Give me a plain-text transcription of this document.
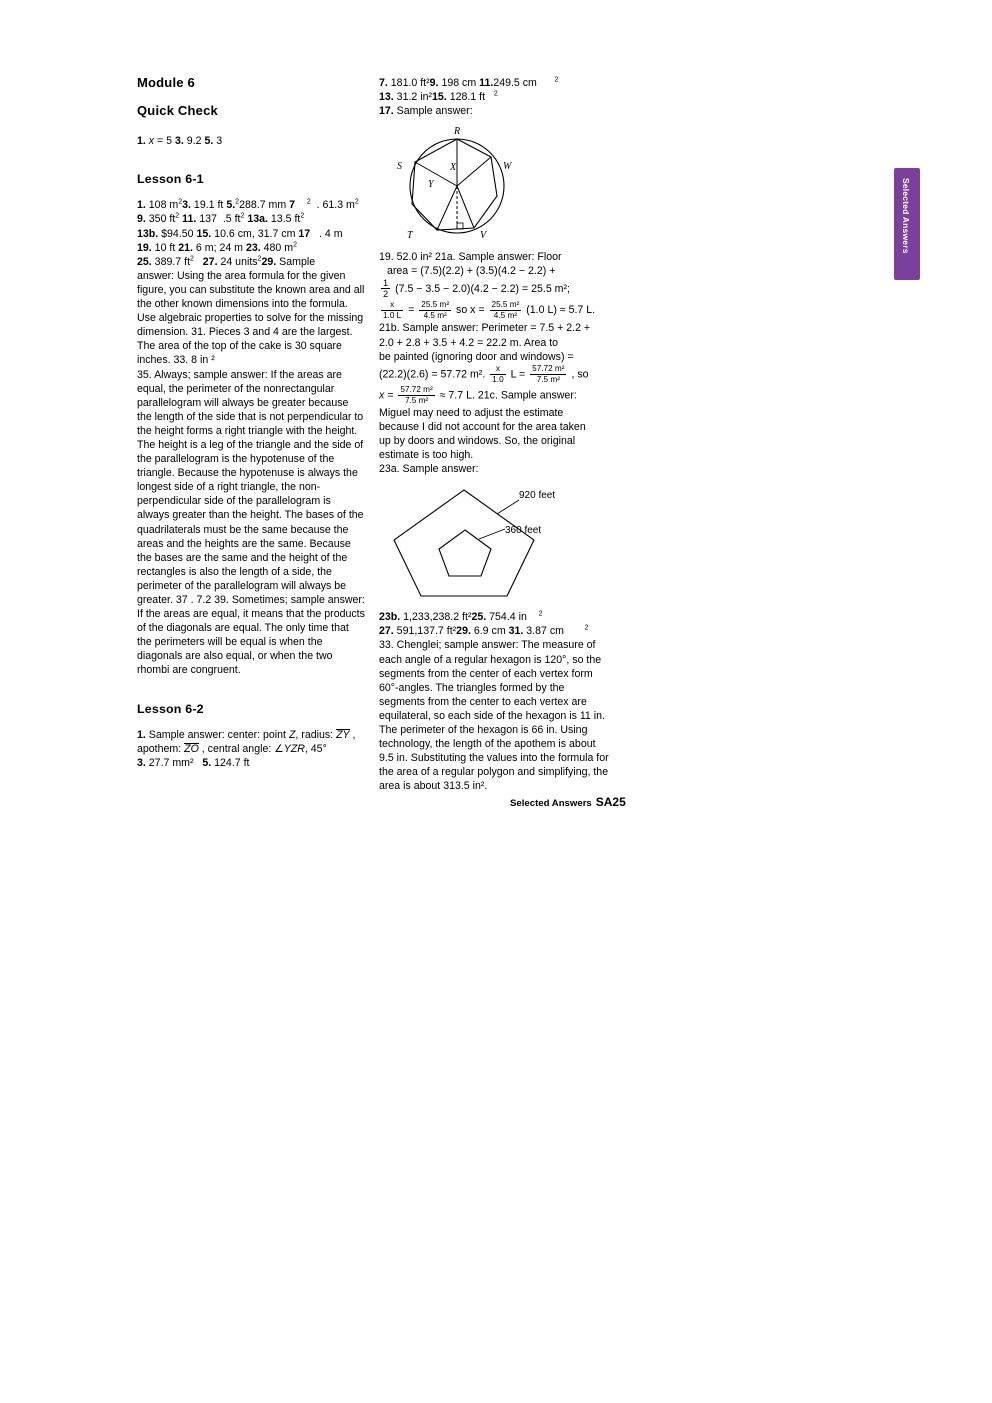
Selected Answers
Module 6
Quick Check
1. x = 5 3. 9.2 5. 3
Lesson 6-1
1. 108 $m^23$. 19.1 ft 5.$^2$288.7 mm 7 $^2$  . 61.3 $m^2$
9. 350 $ft^2$ 11. 137  .5 $ft^2$ 13a. 13.5 $ft^2$
13b. $94.50 15. 10.6 cm, 31.7 cm 17   . 4 m
19. 10 ft 21. 6 m; 24 m 23. 480 $m^2$
25. 389.7 $ft^2$ 27. 24 units$^2$29. Sample
answer: Using the area formula for the given figure, you can substitute the known area and all the other known dimensions into the formula. Use algebraic properties to solve for the missing dimension. 31. Pieces 3 and 4 are the largest. The area of the top of the cake is 30 square inches. 33. 8 in ²
35. Always; sample answer: If the areas are equal, the perimeter of the nonrectangular parallelogram will always be greater because the length of the side that is not perpendicular to the height forms a right triangle with the height. The height is a leg of the triangle and the side of the parallelogram is the hypotenuse of the triangle. Because the hypotenuse is always the longest side of a right triangle, the non-perpendicular side of the parallelogram is always greater than the height. The bases of the quadrilaterals must be the same because the areas and the heights are the same. Because the bases are the same and the height of the rectangles is also the length of a side, the perimeter of the parallelogram will always be greater. 37 . 7.2 39. Sometimes; sample answer: If the areas are equal, it means that the products of the diagonals are equal. The only time that the perimeters will be equal is when the diagonals are also equal, or when the two rhombi are congruent.
Lesson 6-2
1. Sample answer: center: point Z, radius: ZY ,
apothem: ZO , central angle: ∠YZR, 45°
3. 27.7 mm²   5. 124.7 ft
7. 181.0 ft²9. 198 cm 11.249.5 cm      $^2$
13. 31.2 in²15. 128.1 ft   $^2$
17. Sample answer:
R
S	W
X
Y
T	V
19. 52.0 in² 21a. Sample answer: Floor
area = (7.5)(2.2) + (3.5)(4.2 − 2.2) +
$\frac{1}{2} (7.5 - 3.5 - 2.0)(4.2 - 2.2) = 25.5$ m²;
$\frac{x}{1.0 L} = \frac{\text{25.5 m²}}{\text{4.5 m²}}$ so $x = \frac{\text{25.5 m²}}{\text{4.5 m²}} (1.0$ L) ≈ 5.7 L.
21b. Sample answer: Perimeter = 7.5 + 2.2 +
2.0 + 2.8 + 3.5 + 4.2 = 22.2 m. Area to
be painted (ignoring door and windows) =
(22.2)(2.6) = 57.72 m². $\frac{x}{1.0}$ $L = \frac{\text{57.72 m²}}{\text{7.5 m²}}$ , so
$x = \frac{\text{57.72 m²}}{\text{7.5 m²}} \approx 7.7$ L. 21c. Sample answer:
Miguel may need to adjust the estimate
because I did not account for the area taken
up by doors and windows. So, the original
estimate is too high.
23a. Sample answer:
920 feet
360 feet
23b. 1,233,238.2 ft²25. 754.4 in    $^2$
27. 591,137.7 ft²29. 6.9 cm 31. 3.87 cm       $^2$
33. Chenglei; sample answer: The measure of each angle of a regular hexagon is 120°, so the segments from the center of each vertex form 60°-angles. The triangles formed by the segments from the center to each vertex are equilateral, so each side of the hexagon is 11 in. The perimeter of the hexagon is 66 in. Using technology, the length of the apothem is about 9.5 in. Substituting the values into the formula for the area of a regular polygon and simplifying, the area is about 313.5 in².
Selected Answers SA25
